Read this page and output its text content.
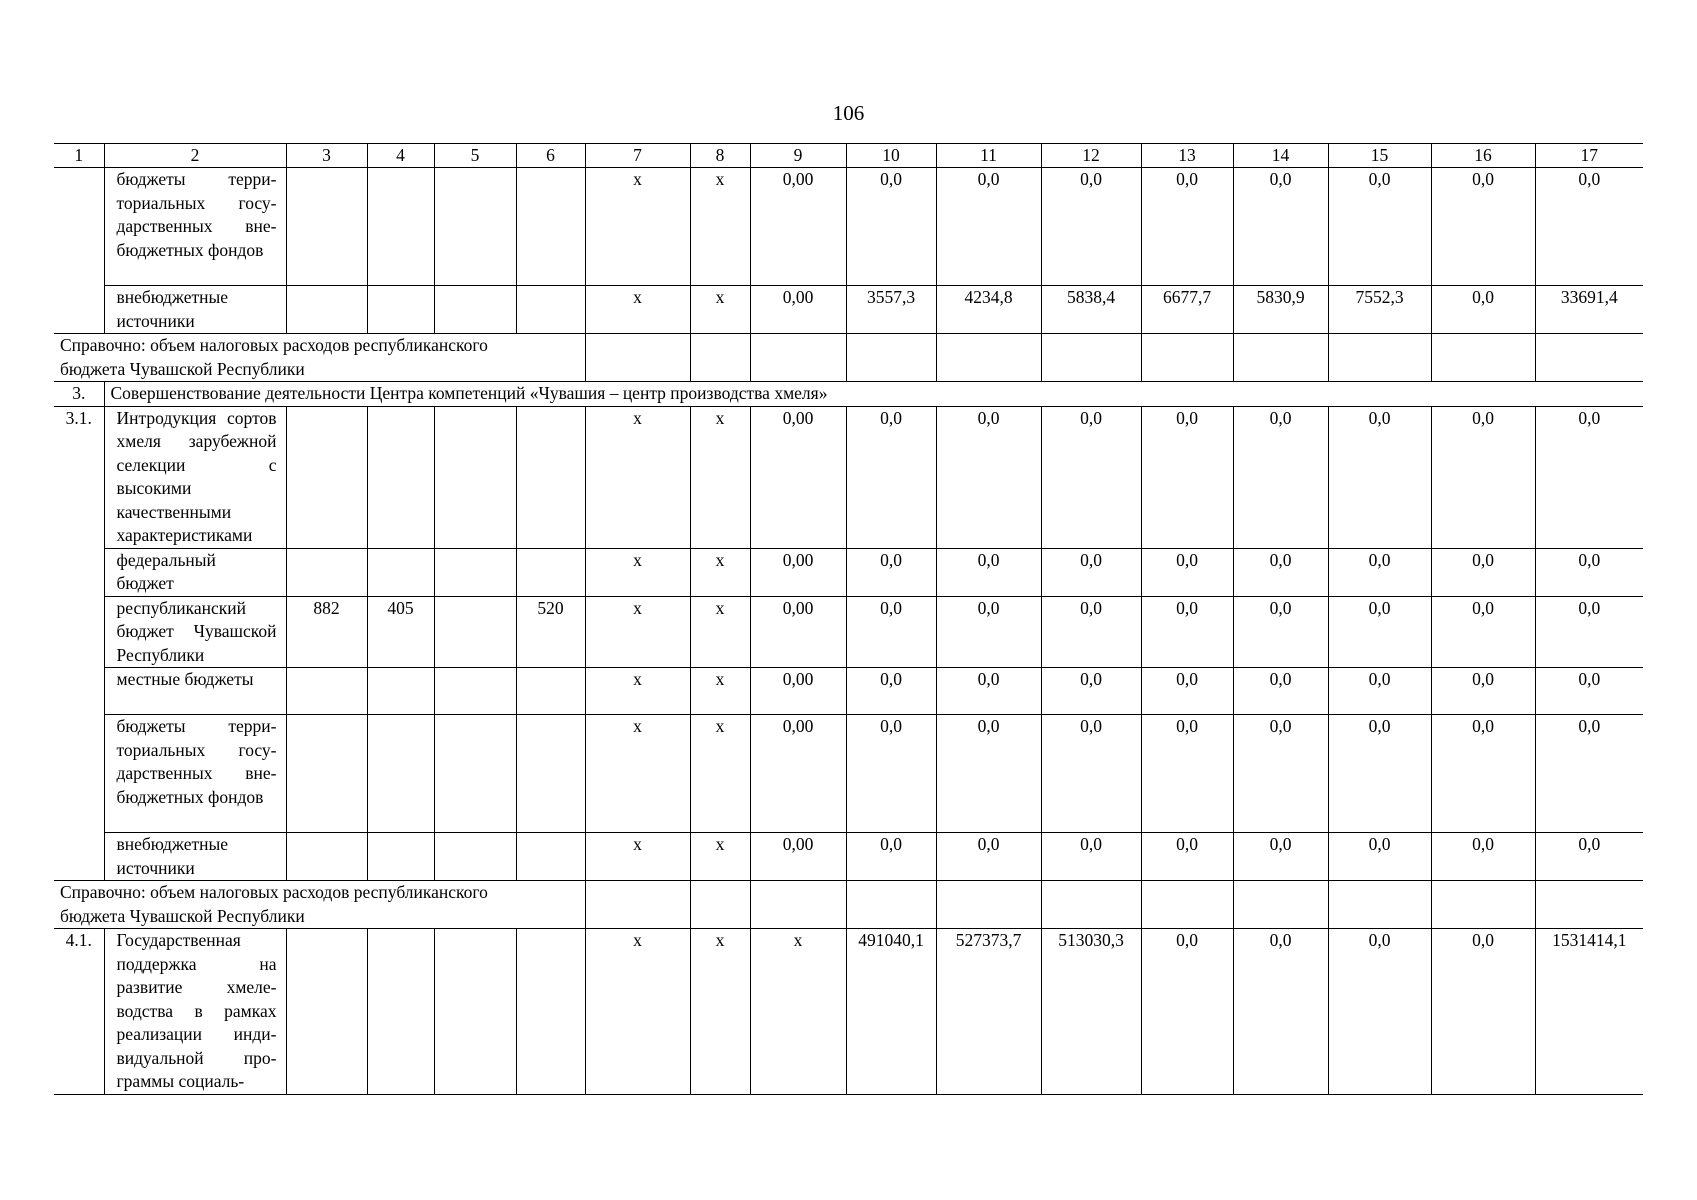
106
1	2	3	4	5	6	7	8	9	10	11	12	13	14	15	16	17
	бюджеты территориальных государственных внебюджетных фондов					x	x	0,00	0,0	0,0	0,0	0,0	0,0	0,0	0,0	0,0
	внебюджетные источники					x	x	0,00	3557,3	4234,8	5838,4	6677,7	5830,9	7552,3	0,0	33691,4

Справочно: объем налоговых расходов республиканского
бюджета Чувашской Республики																

3.	Совершенствование деятельности Центра компетенций «Чувашия – центр производства хмеля»															
3.1.	Интродукция сортов хмеля зарубежной селекции с высокими качественными характеристиками					x	x	0,00	0,0	0,0	0,0	0,0	0,0	0,0	0,0	0,0
	федеральный бюджет					x	x	0,00	0,0	0,0	0,0	0,0	0,0	0,0	0,0	0,0
	республиканский бюджет Чувашской Республики	882	405		520	x	x	0,00	0,0	0,0	0,0	0,0	0,0	0,0	0,0	0,0
	местные бюджеты					x	x	0,00	0,0	0,0	0,0	0,0	0,0	0,0	0,0	0,0
	бюджеты территориальных государственных внебюджетных фондов					x	x	0,00	0,0	0,0	0,0	0,0	0,0	0,0	0,0	0,0
	внебюджетные источники					x	x	0,00	0,0	0,0	0,0	0,0	0,0	0,0	0,0	0,0

Справочно: объем налоговых расходов республиканского
бюджета Чувашской Республики																

4.1.	Государственная поддержка на развитие хмелеводства в рамках реализации индивидуальной программы социаль-					x	x	x	491040,1	527373,7	513030,3	0,0	0,0	0,0	0,0	1531414,1
